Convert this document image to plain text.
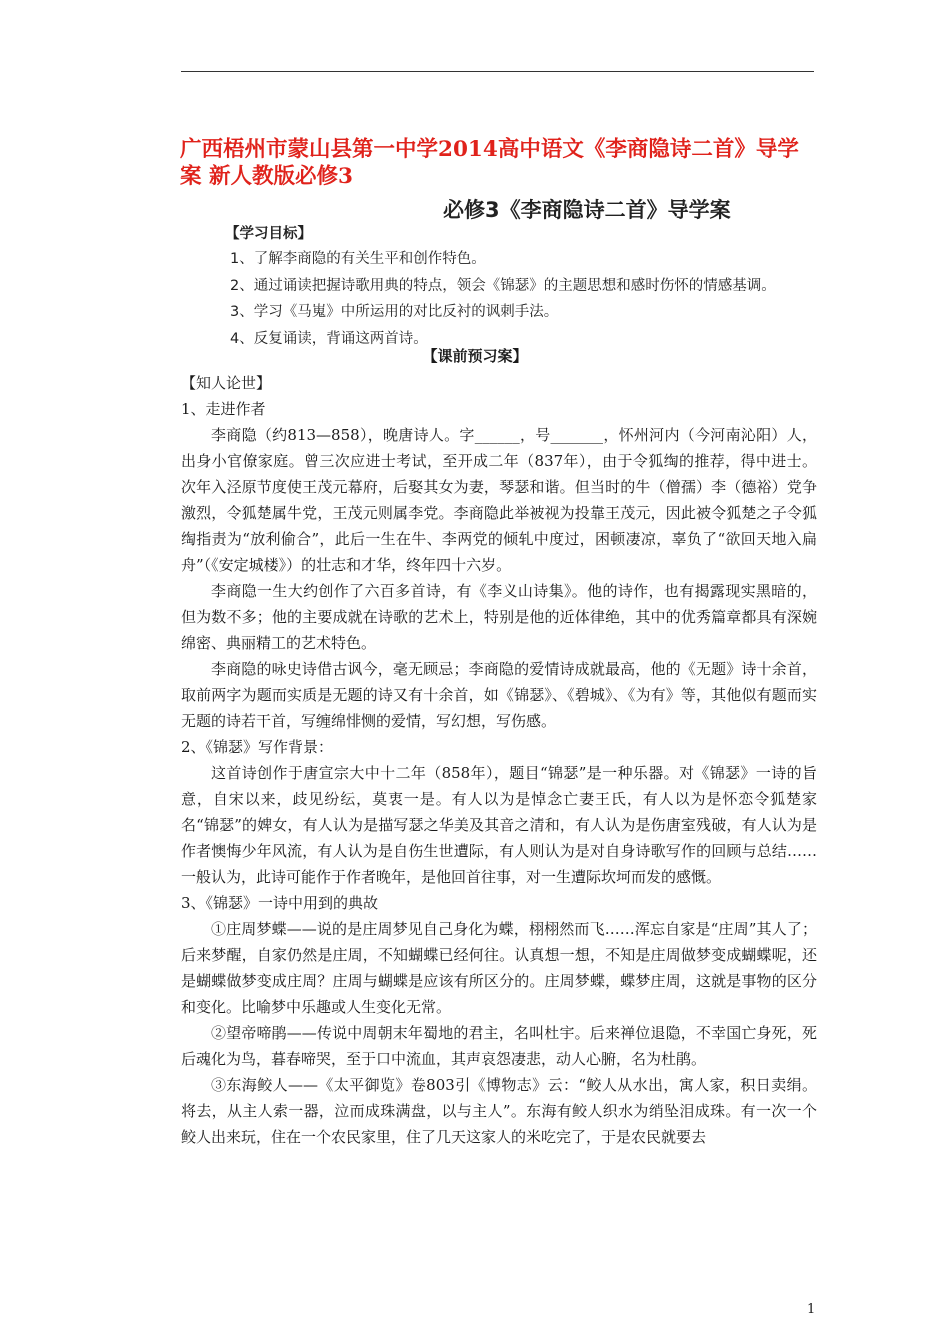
广西梧州市蒙山县第一中学2014高中语文《李商隐诗二首》导学案 新人教版必修3
必修3《李商隐诗二首》导学案
【学习目标】
1、了解李商隐的有关生平和创作特色。
2、通过诵读把握诗歌用典的特点，领会《锦瑟》的主题思想和感时伤怀的情感基调。
3、学习《马嵬》中所运用的对比反衬的讽刺手法。
4、反复诵读，背诵这两首诗。
【课前预习案】

【知人论世】

1、走进作者

李商隐（约813—858），晚唐诗人。字______，号_______，怀州河内（今河南沁阳）人，出身小官僚家庭。曾三次应进士考试，至开成二年（837年），由于令狐绹的推荐，得中进士。次年入泾原节度使王茂元幕府，后娶其女为妻，琴瑟和谐。但当时的牛（僧孺）李（德裕）党争激烈，令狐楚属牛党，王茂元则属李党。李商隐此举被视为投靠王茂元，因此被令狐楚之子令狐绹指责为“放利偷合”，此后一生在牛、李两党的倾轧中度过，困顿凄凉，辜负了“欲回天地入扁舟”（《安定城楼》）的壮志和才华，终年四十六岁。

李商隐一生大约创作了六百多首诗，有《李义山诗集》。他的诗作，也有揭露现实黑暗的，但为数不多；他的主要成就在诗歌的艺术上，特别是他的近体律绝，其中的优秀篇章都具有深婉绵密、典丽精工的艺术特色。

李商隐的咏史诗借古讽今，毫无顾忌；李商隐的爱情诗成就最高，他的《无题》诗十余首，取前两字为题而实质是无题的诗又有十余首，如《锦瑟》、《碧城》、《为有》等，其他似有题而实无题的诗若干首，写缠绵悱恻的爱情，写幻想，写伤感。

2、《锦瑟》写作背景：

这首诗创作于唐宣宗大中十二年（858年），题目“锦瑟”是一种乐器。对《锦瑟》一诗的旨意，自宋以来，歧见纷纭，莫衷一是。有人以为是悼念亡妻王氏，有人以为是怀恋令狐楚家名“锦瑟”的婢女，有人认为是描写瑟之华美及其音之清和，有人认为是伤唐室残破，有人认为是作者懊悔少年风流，有人认为是自伤生世遭际，有人则认为是对自身诗歌写作的回顾与总结……一般认为，此诗可能作于作者晚年，是他回首往事，对一生遭际坎坷而发的感慨。

3、《锦瑟》一诗中用到的典故

①庄周梦蝶——说的是庄周梦见自己身化为蝶，栩栩然而飞……浑忘自家是“庄周”其人了；后来梦醒，自家仍然是庄周，不知蝴蝶已经何往。认真想一想，不知是庄周做梦变成蝴蝶呢，还是蝴蝶做梦变成庄周？庄周与蝴蝶是应该有所区分的。庄周梦蝶，蝶梦庄周，这就是事物的区分和变化。比喻梦中乐趣或人生变化无常。

②望帝啼鹃——传说中周朝末年蜀地的君主，名叫杜宇。后来禅位退隐，不幸国亡身死，死后魂化为鸟，暮春啼哭，至于口中流血，其声哀怨凄悲，动人心腑，名为杜鹃。

③东海鲛人——《太平御览》卷803引《博物志》云：“鲛人从水出，寓人家，积日卖绢。将去，从主人索一器，泣而成珠满盘，以与主人”。东海有鲛人织水为绡坠泪成珠。有一次一个鲛人出来玩，住在一个农民家里，住了几天这家人的米吃完了，于是农民就要去

1
